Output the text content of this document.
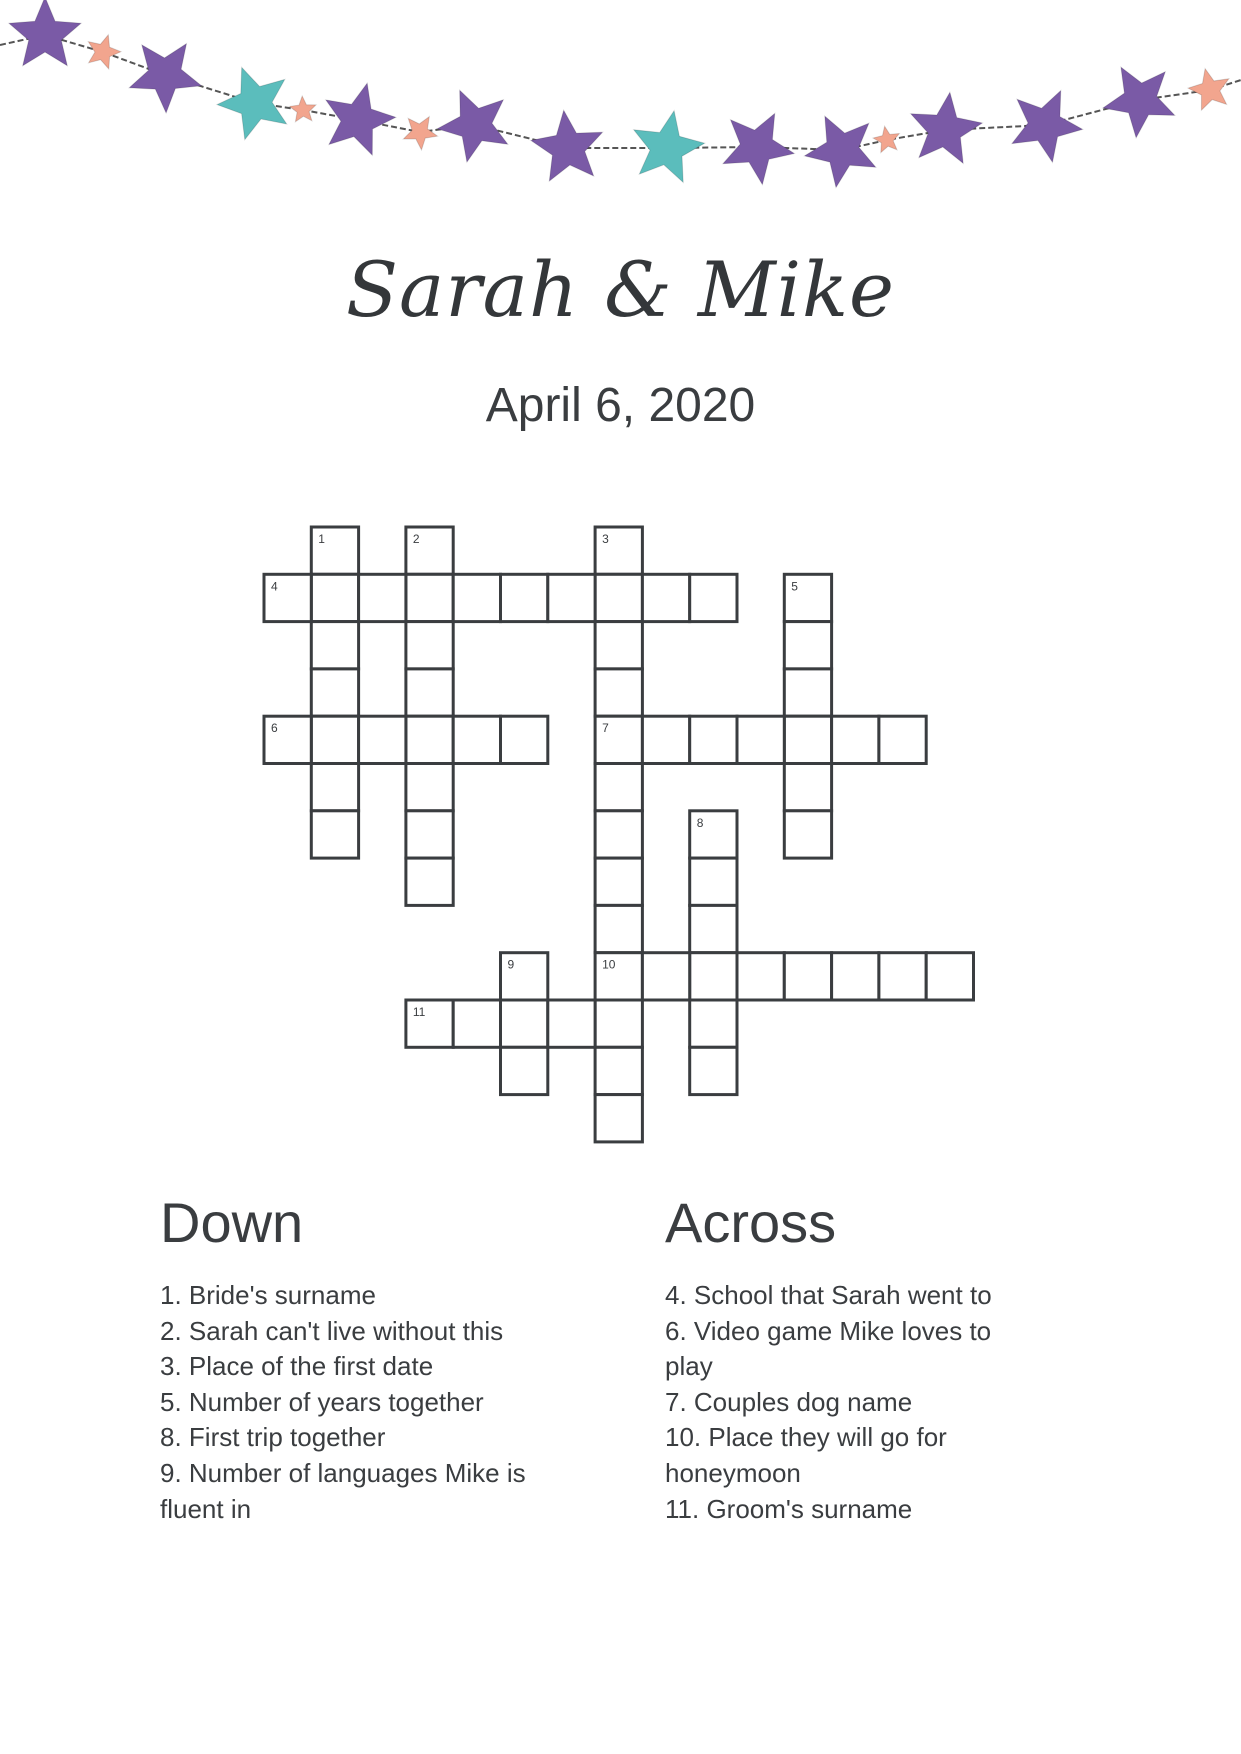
Sarah & Mike
April 6, 2020
1	2	3
4	5
6	7
8
9	10
11
Down	Across
1. Bride's surname
2. Sarah can't live without this
3. Place of the first date
5. Number of years together
8. First trip together
9. Number of languages Mike is fluent in
4. School that Sarah went to
6. Video game Mike loves to play
7. Couples dog name
10. Place they will go for honeymoon
11. Groom's surname
